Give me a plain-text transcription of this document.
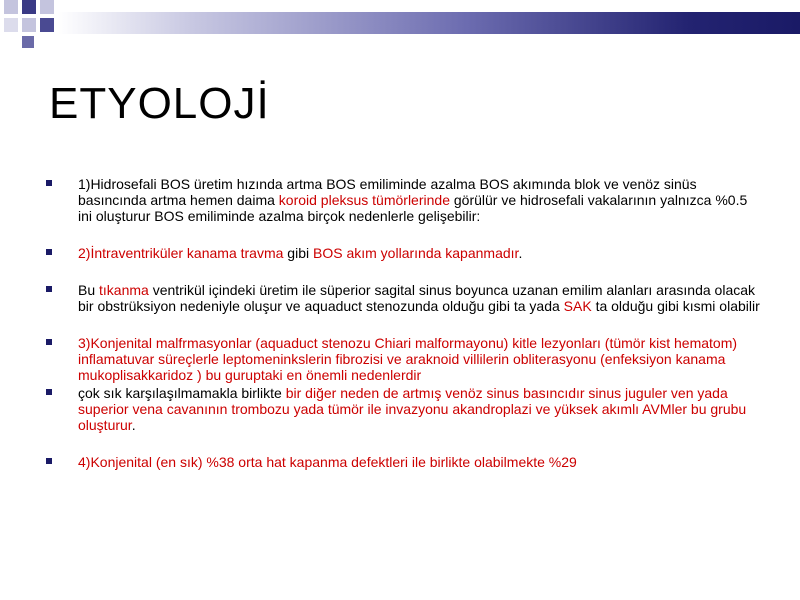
ETYOLOJİ
1)Hidrosefali BOS üretim hızında artma BOS emiliminde azalma BOS akımında blok ve venöz sinüs basıncında artma hemen daima koroid pleksus tümörlerinde görülür ve hidrosefali vakalarının yalnızca %0.5 ini oluşturur BOS emiliminde azalma birçok nedenlerle gelişebilir:
2)İntraventriküler kanama travma gibi BOS akım yollarında kapanmadır.
Bu tıkanma ventrikül içindeki üretim ile süperior sagital sinus boyunca uzanan emilim alanları arasında olacak bir obstrüksiyon nedeniyle oluşur ve aquaduct stenozunda olduğu gibi ta yada SAK ta olduğu gibi kısmi olabilir
3)Konjenital malfrmasyonlar (aquaduct stenozu Chiari malformayonu) kitle lezyonları (tümör kist hematom) inflamatuvar süreçlerle leptomeninkslerin fibrozisi ve araknoid villilerin obliterasyonu (enfeksiyon kanama mukoplisakkaridoz ) bu guruptaki en önemli nedenlerdir
çok sık karşılaşılmamakla birlikte bir diğer neden de artmış venöz sinus basıncıdır sinus juguler ven yada superior vena cavanının trombozu yada tümör ile invazyonu akandroplazi ve yüksek akımlı AVMler bu grubu oluşturur.
4)Konjenital (en sık) %38 orta hat kapanma defektleri ile birlikte olabilmekte %29
